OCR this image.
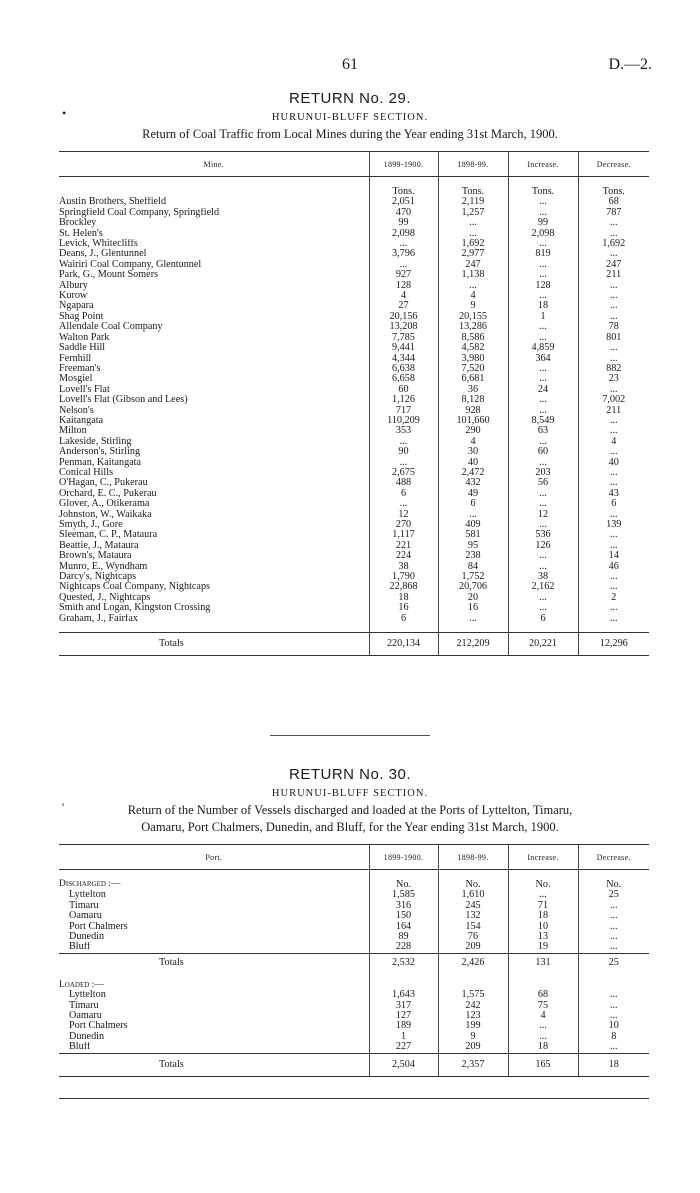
61	D.—2.
•
RETURN No. 29.
HURUNUI-BLUFF SECTION.
Return of Coal Traffic from Local Mines during the Year ending 31st March, 1900.
Mine.	1899-1900.	1898-99.	Increase.	Decrease.

	Tons.	Tons.	Tons.	Tons.
Austin Brothers, Sheffield	2,051	2,119	...	68
Springfield Coal Company, Springfield	470	1,257	...	787
Brockley	99	...	99	...
St. Helen's	2,098	...	2,098	...
Levick, Whitecliffs	...	1,692	...	1,692
Deans, J., Glentunnel	3,796	2,977	819	...
Wairiri Coal Company, Glentunnel	...	247	...	247
Park, G., Mount Somers	927	1,138	...	211
Albury	128	...	128	...
Kurow	4	4	...	...
Ngapara	27	9	18	...
Shag Point	20,156	20,155	1	...
Allendale Coal Company	13,208	13,286	...	78
Walton Park	7,785	8,586	...	801
Saddle Hill	9,441	4,582	4,859	...
Fernhill	4,344	3,980	364	...
Freeman's	6,638	7,520	...	882
Mosgiel	6,658	6,681	...	23
Lovell's Flat	60	36	24	...
Lovell's Flat (Gibson and Lees)	1,126	8,128	...	7,002
Nelson's	717	928	...	211
Kaitangata	110,209	101,660	8,549	...
Milton	353	290	63	...
Lakeside, Stirling	...	4	...	4
Anderson's, Stirling	90	30	60	...
Penman, Kaitangata	...	40	...	40
Conical Hills	2,675	2,472	203	...
O'Hagan, C., Pukerau	488	432	56	...
Orchard, E. C., Pukerau	6	49	...	43
Glover, A., Otikerama	...	6	...	6
Johnston, W., Waikaka	12	...	12	...
Smyth, J., Gore	270	409	...	139
Sleeman, C. P., Mataura	1,117	581	536	...
Beattie, J., Mataura	221	95	126	...
Brown's, Mataura	224	238	...	14
Munro, E., Wyndham	38	84	...	46
Darcy's, Nightcaps	1,790	1,752	38	...
Nightcaps Coal Company, Nightcaps	22,868	20,706	2,162	...
Quested, J., Nightcaps	18	20	...	2
Smith and Logan, Kingston Crossing	16	16	...	...
Graham, J., Fairfax	6	...	6	...

Totals	220,134	212,209	20,221	12,296
RETURN No. 30.
HURUNUI-BLUFF SECTION.
'	Return of the Number of Vessels discharged and loaded at the Ports of Lyttelton, Timaru,
Oamaru, Port Chalmers, Dunedin, and Bluff, for the Year ending 31st March, 1900.
Port.	1899-1900.	1898-99.	Increase.	Decrease.

Discharged :—	No.	No.	No.	No.
Lyttelton	1,585	1,610	...	25
Timaru	316	245	71	...
Oamaru	150	132	18	...
Port Chalmers	164	154	10	...
Dunedin	89	76	13	...
Bluff	228	209	19	...
Totals	2,532	2,426	131	25

Loaded :—				
Lyttelton	1,643	1,575	68	...
Timaru	317	242	75	...
Oamaru	127	123	4	...
Port Chalmers	189	199	...	10
Dunedin	1	9	...	8
Bluff	227	209	18	...
Totals	2,504	2,357	165	18
